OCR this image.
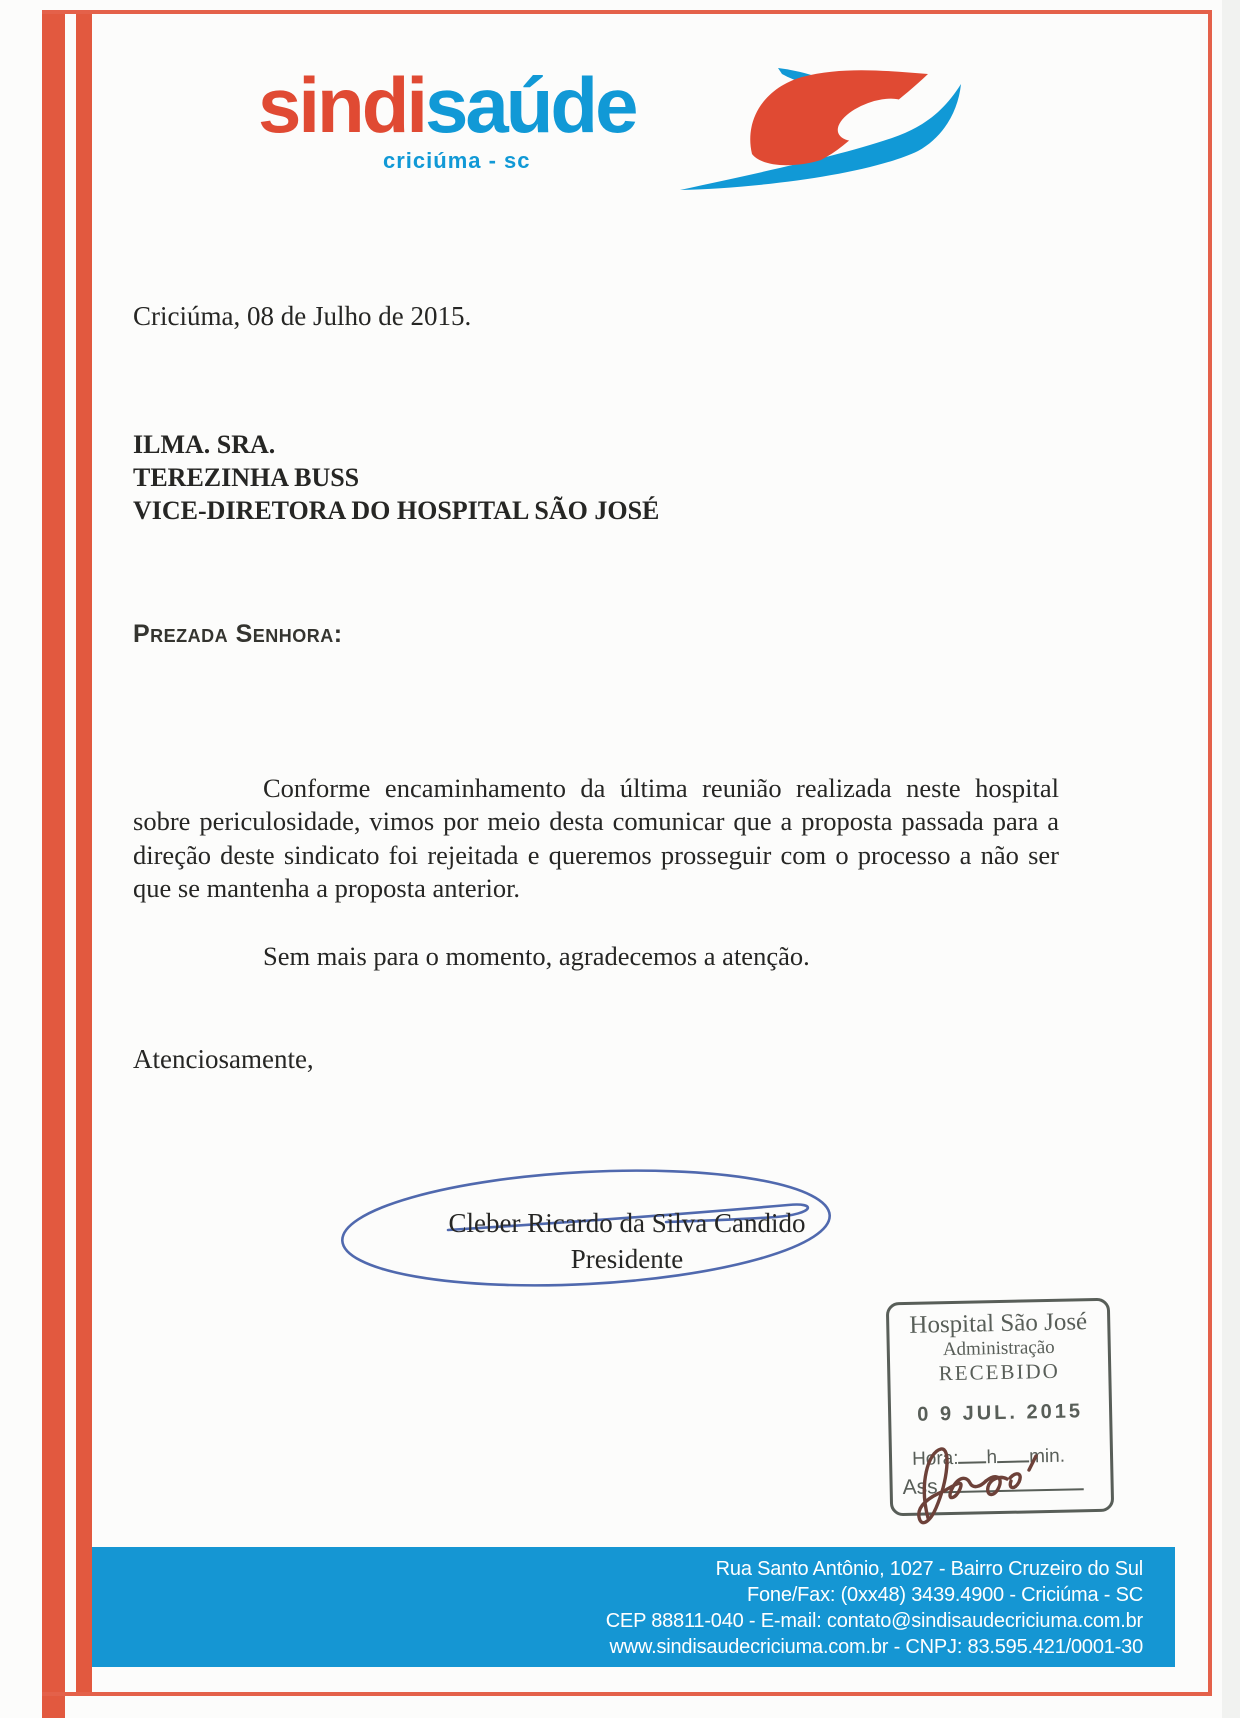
sindisaúde
criciúma - sc
Criciúma, 08 de Julho de 2015.
ILMA. SRA.
TEREZINHA BUSS
VICE-DIRETORA DO HOSPITAL SÃO JOSÉ
Prezada Senhora:

Conforme encaminhamento da última reunião realizada neste hospital sobre periculosidade, vimos por meio desta comunicar que a proposta passada para a direção deste sindicato foi rejeitada e queremos prosseguir com o processo a não ser que se mantenha a proposta anterior.

Sem mais para o momento, agradecemos a atenção.

Atenciosamente,
Cleber Ricardo da Silva Candido
Presidente
Hospital São José
Administração
RECEBIDO
0 9 JUL. 2015
Hora: h min.
Ass.
Rua Santo Antônio, 1027 - Bairro Cruzeiro do Sul
Fone/Fax: (0xx48) 3439.4900 - Criciúma - SC
CEP 88811-040 - E-mail: contato@sindisaudecriciuma.com.br
www.sindisaudecriciuma.com.br - CNPJ: 83.595.421/0001-30
